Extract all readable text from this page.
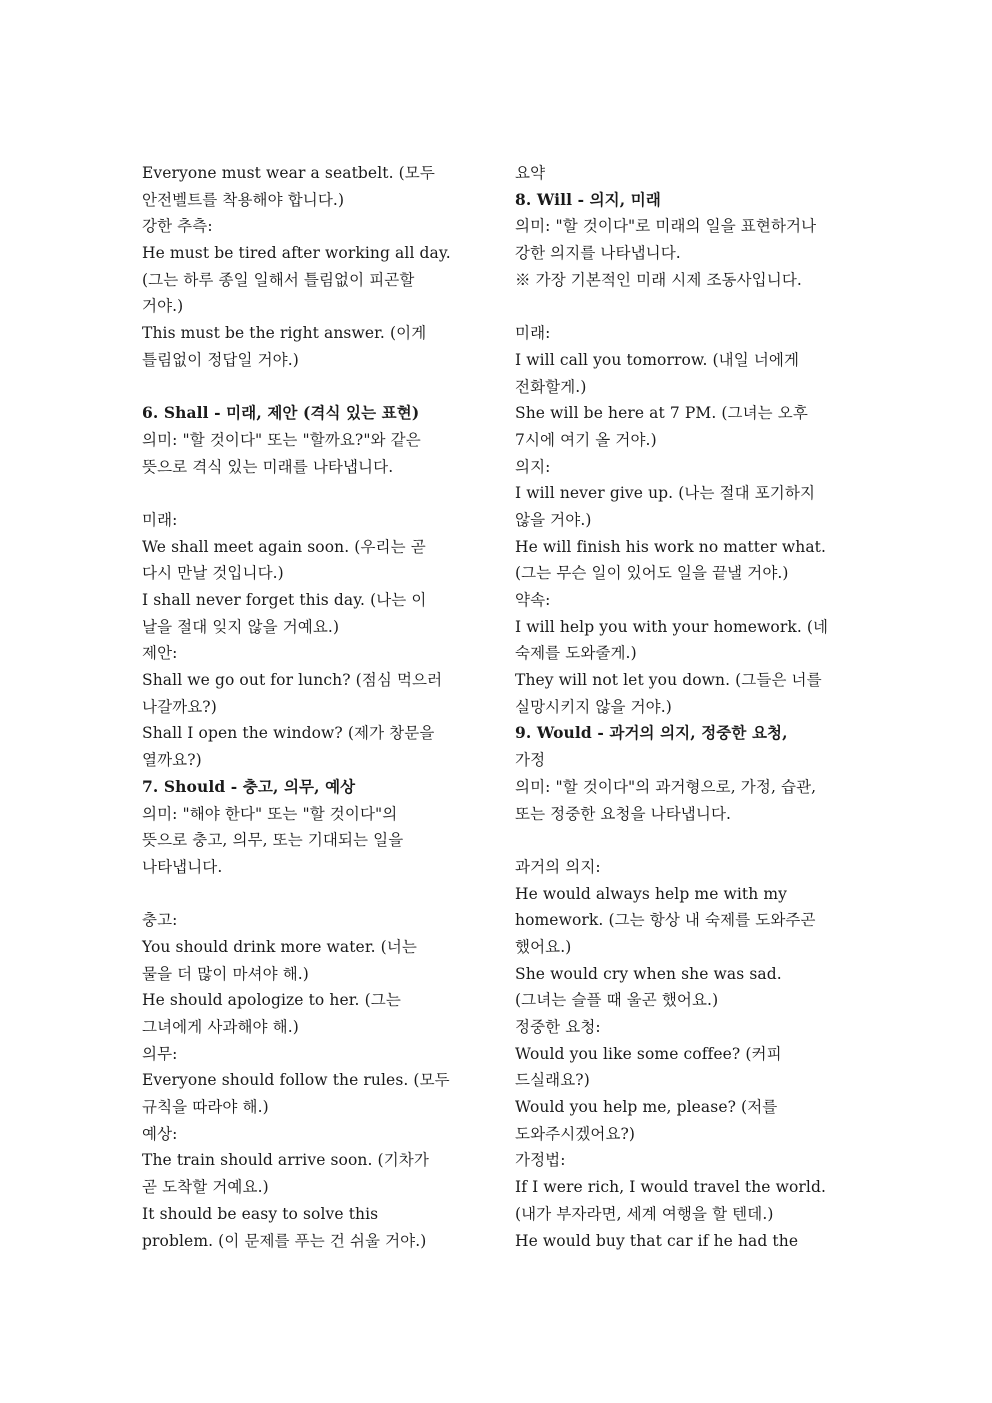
Everyone must wear a seatbelt. (모두
안전벨트를 착용해야 합니다.)
강한 추측:
He must be tired after working all day.
(그는 하루 종일 일해서 틀림없이 피곤할
거야.)
This must be the right answer. (이게
틀림없이 정답일 거야.)
6. Shall - 미래, 제안 (격식 있는 표현)
의미: "할 것이다" 또는 "할까요?"와 같은
뜻으로 격식 있는 미래를 나타냅니다.
미래:
We shall meet again soon. (우리는 곧
다시 만날 것입니다.)
I shall never forget this day. (나는 이
날을 절대 잊지 않을 거예요.)
제안:
Shall we go out for lunch? (점심 먹으러
나갈까요?)
Shall I open the window? (제가 창문을
열까요?)
7. Should - 충고, 의무, 예상
의미: "해야 한다" 또는 "할 것이다"의
뜻으로 충고, 의무, 또는 기대되는 일을
나타냅니다.
충고:
You should drink more water. (너는
물을 더 많이 마셔야 해.)
He should apologize to her. (그는
그녀에게 사과해야 해.)
의무:
Everyone should follow the rules. (모두
규칙을 따라야 해.)
예상:
The train should arrive soon. (기차가
곧 도착할 거예요.)
It should be easy to solve this
problem. (이 문제를 푸는 건 쉬울 거야.)
요약
8. Will - 의지, 미래
의미: "할 것이다"로 미래의 일을 표현하거나
강한 의지를 나타냅니다.
※ 가장 기본적인 미래 시제 조동사입니다.
미래:
I will call you tomorrow. (내일 너에게
전화할게.)
She will be here at 7 PM. (그녀는 오후
7시에 여기 올 거야.)
의지:
I will never give up. (나는 절대 포기하지
않을 거야.)
He will finish his work no matter what.
(그는 무슨 일이 있어도 일을 끝낼 거야.)
약속:
I will help you with your homework. (네
숙제를 도와줄게.)
They will not let you down. (그들은 너를
실망시키지 않을 거야.)
9. Would - 과거의 의지, 정중한 요청,
가정
의미: "할 것이다"의 과거형으로, 가정, 습관,
또는 정중한 요청을 나타냅니다.
과거의 의지:
He would always help me with my
homework. (그는 항상 내 숙제를 도와주곤
했어요.)
She would cry when she was sad.
(그녀는 슬플 때 울곤 했어요.)
정중한 요청:
Would you like some coffee? (커피
드실래요?)
Would you help me, please? (저를
도와주시겠어요?)
가정법:
If I were rich, I would travel the world.
(내가 부자라면, 세계 여행을 할 텐데.)
He would buy that car if he had the
